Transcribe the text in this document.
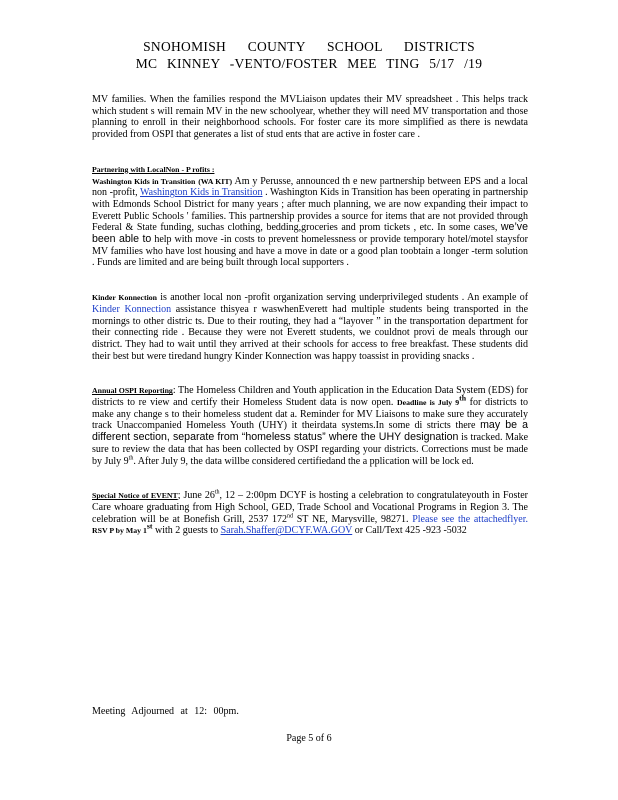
SNOHOMISH COUNTY SCHOOL DISTRICTS
MC KINNEY -VENTO/FOSTER MEE TING 5/17 /19

MV families. When the families respond the MVLiaison updates their MV spreadsheet . This helps track which student s will remain MV in the new schoolyear, whether they will need MV transportation and those planning to enroll in their neighborhood schools. For foster care its more simplified as there is newdata provided from OSPI that generates a list of stud ents that are active in foster care .

Partnering with LocalNon - P rofits :
Washington Kids in Transition (WA KIT) Am y Perusse, announced th e new partnership between EPS and a local non -profit, Washington Kids in Transition . Washington Kids in Transition has been operating in partnership with Edmonds School District for many years ; after much planning, we are now expanding their impact to Everett Public Schools ' families. This partnership provides a source for items that are not provided through Federal & State funding, suchas clothing, bedding,groceries and prom tickets , etc. In some cases, we’ve been able to help with move -in costs to prevent homelessness or provide temporary hotel/motel staysfor MV families who have lost housing and have a move in date or a good plan toobtain a longer -term solution . Funds are limited and are being built through local supporters .

Kinder Konnection is another local non -profit organization serving underprivileged students . An example of Kinder Konnection assistance thisyea r waswhenEverett had multiple students being transported in the mornings to other distric ts. Due to their routing, they had a “layover ” in the transportation department for their connecting ride . Because they were not Everett students, we couldnot provi de meals through our district. They had to wait until they arrived at their schools for access to free breakfast. These students did their best but were tiredand hungry Kinder Konnection was happy toassist in providing snacks .

Annual OSPI Reporting: The Homeless Children and Youth application in the Education Data System (EDS) for districts to re view and certify their Homeless Student data is now open. Deadline is July 9th for districts to make any change s to their homeless student dat a. Reminder for MV Liaisons to make sure they accurately track Unaccompanied Homeless Youth (UHY) it theirdata systems.In some di stricts there may be a different section, separate from “homeless status” where the UHY designation is tracked. Make sure to review the data that has been collected by OSPI regarding your districts. Corrections must be made by July 9th. After July 9, the data willbe considered certifiedand the a pplication will be lock ed.

Special Notice of EVENT; June 26th, 12 – 2:00pm DCYF is hosting a celebration to congratulateyouth in Foster Care whoare graduating from High School, GED, Trade School and Vocational Programs in Region 3. The celebration will be at Bonefish Grill, 2537 172nd ST NE, Marysville, 98271. Please see the attachedflyer. RSV P by May 1st with 2 guests to Sarah.Shaffer@DCYF.WA.GOV or Call/Text 425 -923 -5032

Meeting Adjourned at 12: 00pm.
Page 5 of 6
